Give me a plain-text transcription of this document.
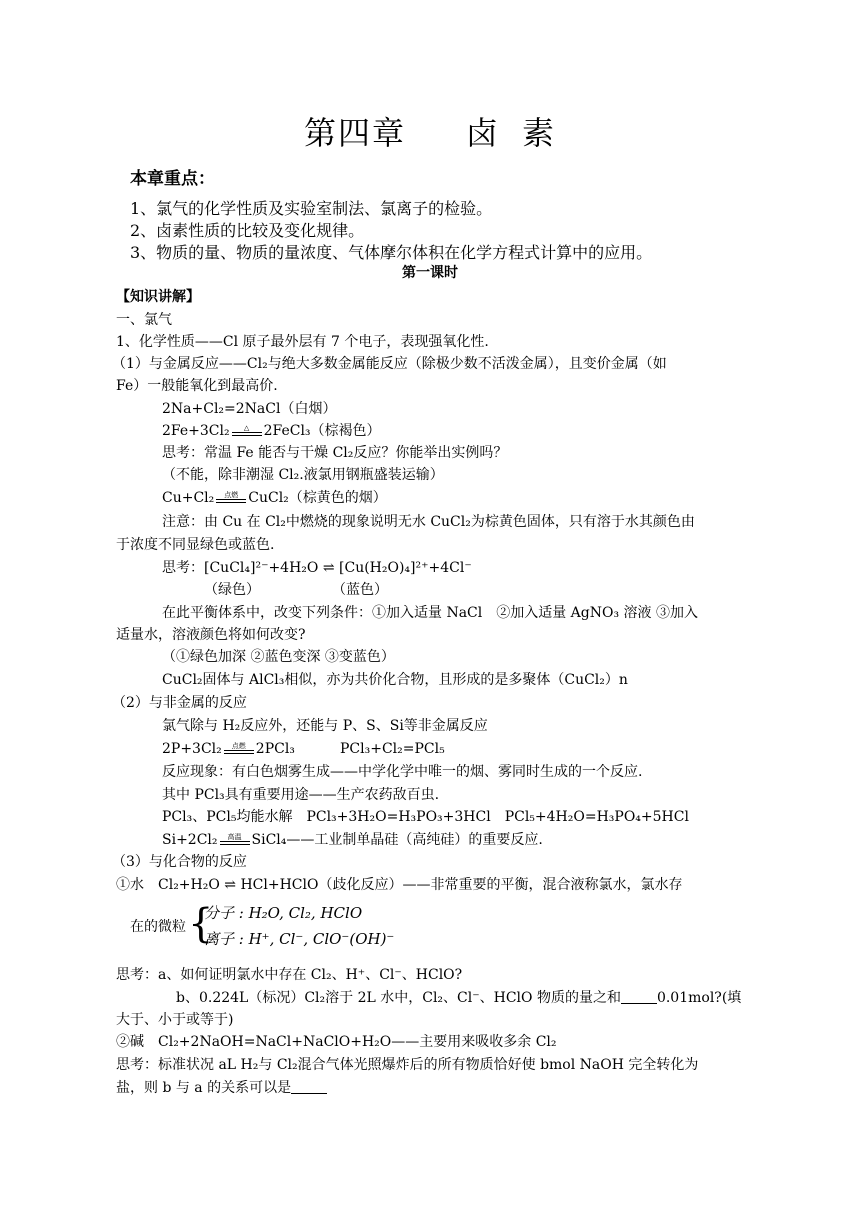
第四章 卤 素
本章重点：
1、氯气的化学性质及实验室制法、氯离子的检验。
2、卤素性质的比较及变化规律。
3、物质的量、物质的量浓度、气体摩尔体积在化学方程式计算中的应用。
第一课时
【知识讲解】
一、氯气
1、化学性质——Cl 原子最外层有 7 个电子，表现强氧化性.
（1）与金属反应——Cl₂与绝大多数金属能反应（除极少数不活泼金属），且变价金属（如
Fe）一般能氧化到最高价.
2Na+Cl₂=2NaCl（白烟）
2Fe+3Cl₂	△	2FeCl₃（棕褐色）
思考：常温 Fe 能否与干燥 Cl₂反应？你能举出实例吗？
（不能，除非潮湿 Cl₂.液氯用钢瓶盛装运输）
Cu+Cl₂	点燃 CuCl₂（棕黄色的烟）
注意：由 Cu 在 Cl₂中燃烧的现象说明无水 CuCl₂为棕黄色固体，只有溶于水其颜色由
于浓度不同显绿色或蓝色.
思考：[CuCl₄]²⁻+4H₂O ⇌ [Cu(H₂O)₄]²⁺+4Cl⁻
（绿色）	（蓝色）
在此平衡体系中，改变下列条件：①加入适量 NaCl　②加入适量 AgNO₃ 溶液 ③加入
适量水，溶液颜色将如何改变?
（①绿色加深 ②蓝色变深 ③变蓝色）
CuCl₂固体与 AlCl₃相似，亦为共价化合物，且形成的是多聚体（CuCl₂）n
（2）与非金属的反应
氯气除与 H₂反应外，还能与 P、S、Si等非金属反应
2P+3Cl₂	点燃 2PCl₃	PCl₃+Cl₂=PCl₅
反应现象：有白色烟雾生成——中学化学中唯一的烟、雾同时生成的一个反应.
其中 PCl₃具有重要用途——生产农药敌百虫.
PCl₃、PCl₅均能水解　PCl₃+3H₂O=H₃PO₃+3HCl　PCl₅+4H₂O=H₃PO₄+5HCl
Si+2Cl₂	高温 SiCl₄——工业制单晶硅（高纯硅）的重要反应.
（3）与化合物的反应
①水　Cl₂+H₂O ⇌ HCl+HClO（歧化反应）——非常重要的平衡，混合液称氯水，氯水存
在的微粒 {
分子 : H₂O, Cl₂, HClO
离子 : H⁺, Cl⁻, ClO⁻(OH)⁻
思考：a、如何证明氯水中存在 Cl₂、H⁺、Cl⁻、HClO?
b、0.224L（标况）Cl₂溶于 2L 水中，Cl₂、Cl⁻、HClO 物质的量之和	0.01mol?(填
大于、小于或等于)
②碱　Cl₂+2NaOH=NaCl+NaClO+H₂O——主要用来吸收多余 Cl₂
思考：标准状况 aL H₂与 Cl₂混合气体光照爆炸后的所有物质恰好使 bmol NaOH 完全转化为
盐，则 b 与 a 的关系可以是
